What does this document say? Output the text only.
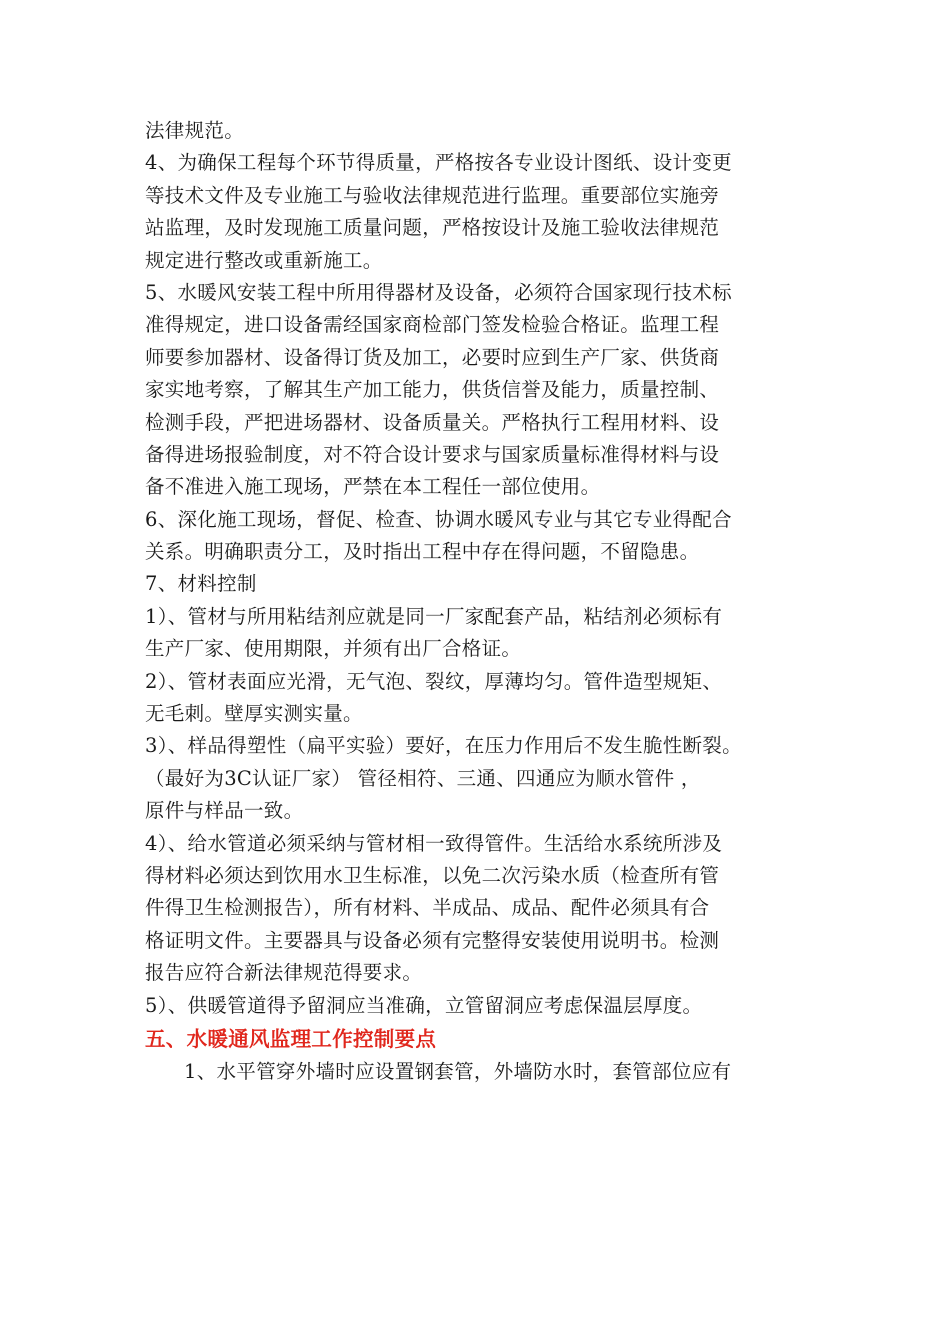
法律规范。
4、为确保工程每个环节得质量，严格按各专业设计图纸、设计变更
等技术文件及专业施工与验收法律规范进行监理。重要部位实施旁
站监理，及时发现施工质量问题，严格按设计及施工验收法律规范
规定进行整改或重新施工。
5、水暖风安装工程中所用得器材及设备，必须符合国家现行技术标
准得规定，进口设备需经国家商检部门签发检验合格证。监理工程
师要参加器材、设备得订货及加工，必要时应到生产厂家、供货商
家实地考察，了解其生产加工能力，供货信誉及能力，质量控制、
检测手段，严把进场器材、设备质量关。严格执行工程用材料、设
备得进场报验制度，对不符合设计要求与国家质量标准得材料与设
备不准进入施工现场，严禁在本工程任一部位使用。
6、深化施工现场，督促、检查、协调水暖风专业与其它专业得配合
关系。明确职责分工，及时指出工程中存在得问题，不留隐患。
7、材料控制
1）、管材与所用粘结剂应就是同一厂家配套产品，粘结剂必须标有
生产厂家、使用期限，并须有出厂合格证。
2）、管材表面应光滑，无气泡、裂纹，厚薄均匀。管件造型规矩、
无毛刺。壁厚实测实量。
3）、样品得塑性（扁平实验）要好，在压力作用后不发生脆性断裂。
（最好为3C认证厂家） 管径相符、三通、四通应为顺水管件 ，
原件与样品一致。
4）、给水管道必须采纳与管材相一致得管件。生活给水系统所涉及
得材料必须达到饮用水卫生标准，以免二次污染水质（检查所有管
件得卫生检测报告），所有材料、半成品、成品、配件必须具有合
格证明文件。主要器具与设备必须有完整得安装使用说明书。检测
报告应符合新法律规范得要求。
5）、供暖管道得予留洞应当准确，立管留洞应考虑保温层厚度。
五、水暖通风监理工作控制要点
1、水平管穿外墙时应设置钢套管，外墙防水时，套管部位应有
